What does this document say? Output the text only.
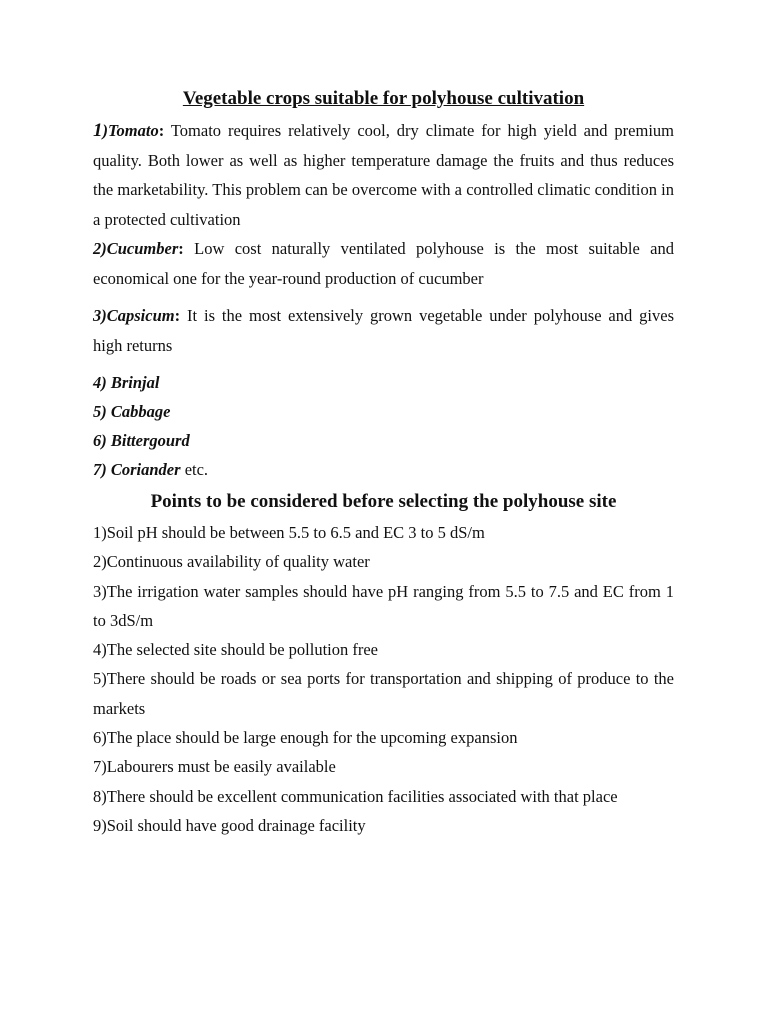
Vegetable crops suitable for polyhouse cultivation

1)Tomato: Tomato requires relatively cool, dry climate for high yield and premium quality. Both lower as well as higher temperature damage the fruits and thus reduces the marketability. This problem can be overcome with a controlled climatic condition in a protected cultivation

2)Cucumber: Low cost naturally ventilated polyhouse is the most suitable and economical one for the year-round production of cucumber

3)Capsicum: It is the most extensively grown vegetable under polyhouse and gives high returns

4) Brinjal

5) Cabbage

6) Bittergourd

7) Coriander etc.

Points to be considered before selecting the polyhouse site

1)Soil pH should be between 5.5 to 6.5 and EC 3 to 5 dS/m

2)Continuous availability of quality water

3)The irrigation water samples should have pH ranging from 5.5 to 7.5 and EC from 1 to 3dS/m

4)The selected site should be pollution free

5)There should be roads or sea ports for transportation and shipping of produce to the markets

6)The place should be large enough for the upcoming expansion

7)Labourers must be easily available

8)There should be excellent communication facilities associated with that place

9)Soil should have good drainage facility
